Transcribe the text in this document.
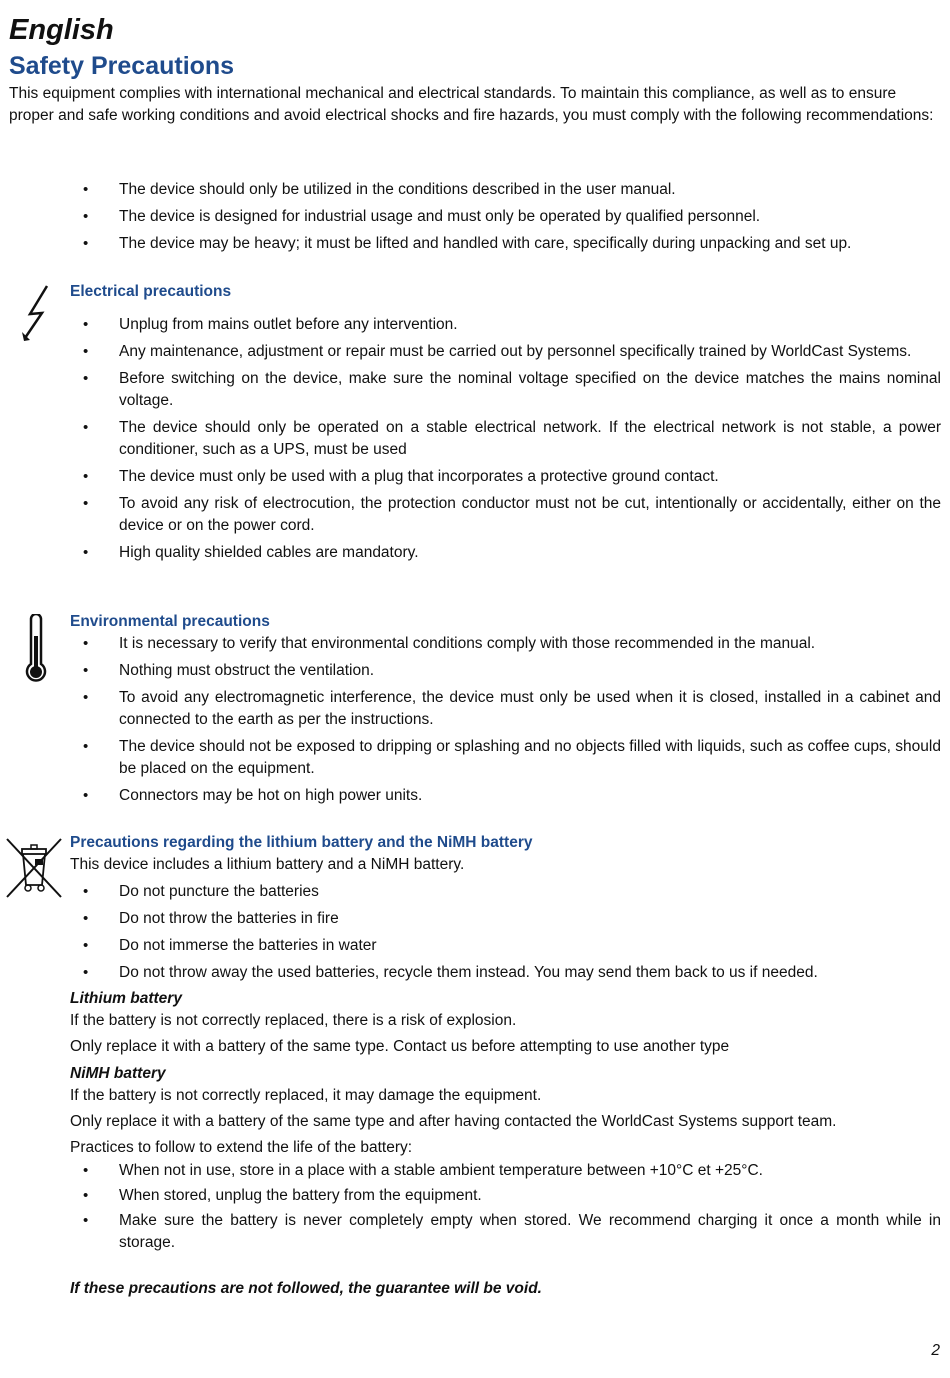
English
Safety Precautions
This equipment complies with international mechanical and electrical standards. To maintain this compliance, as well as to ensure proper and safe working conditions and avoid electrical shocks and fire hazards, you must comply with the following recommendations:
• The device should only be utilized in the conditions described in the user manual.
• The device is designed for industrial usage and must only be operated by qualified personnel.
• The device may be heavy; it must be lifted and handled with care, specifically during unpacking and set up.
Electrical precautions
• Unplug from mains outlet before any intervention.
• Any maintenance, adjustment or repair must be carried out by personnel specifically trained by WorldCast Systems.
• Before switching on the device, make sure the nominal voltage specified on the device matches the mains nominal voltage.
• The device should only be operated on a stable electrical network. If the electrical network is not stable, a power conditioner, such as a UPS, must be used
• The device must only be used with a plug that incorporates a protective ground contact.
• To avoid any risk of electrocution, the protection conductor must not be cut, intentionally or accidentally, either on the device or on the power cord.
• High quality shielded cables are mandatory.
Environmental precautions
• It is necessary to verify that environmental conditions comply with those recommended in the manual.
• Nothing must obstruct the ventilation.
• To avoid any electromagnetic interference, the device must only be used when it is closed, installed in a cabinet and connected to the earth as per the instructions.
• The device should not be exposed to dripping or splashing and no objects filled with liquids, such as coffee cups, should be placed on the equipment.
• Connectors may be hot on high power units.
Precautions regarding the lithium battery and the NiMH battery
This device includes a lithium battery and a NiMH battery.
• Do not puncture the batteries
• Do not throw the batteries in fire
• Do not immerse the batteries in water
• Do not throw away the used batteries, recycle them instead. You may send them back to us if needed.
Lithium battery
If the battery is not correctly replaced, there is a risk of explosion.
Only replace it with a battery of the same type. Contact us before attempting to use another type
NiMH battery
If the battery is not correctly replaced, it may damage the equipment.
Only replace it with a battery of the same type and after having contacted the WorldCast Systems support team.
Practices to follow to extend the life of the battery:
• When not in use, store in a place with a stable ambient temperature between +10°C et +25°C.
• When stored, unplug the battery from the equipment.
• Make sure the battery is never completely empty when stored. We recommend charging it once a month while in storage.
If these precautions are not followed, the guarantee will be void.
2
